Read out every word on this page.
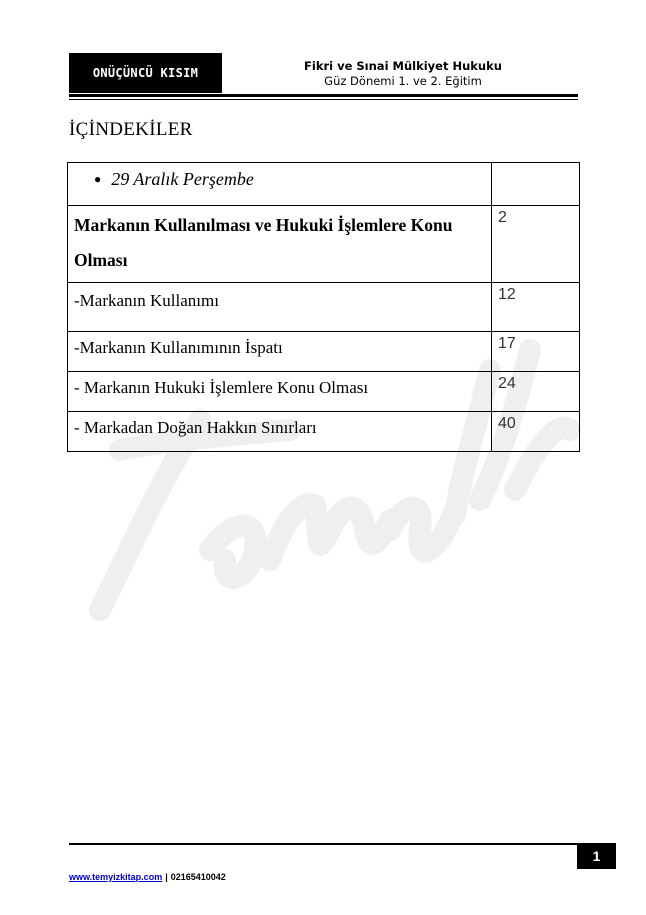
ONÜÇÜNCÜ KISIM	Fikri ve Sınai Mülkiyet Hukuku
Güz Dönemi 1. ve 2. Eğitim
İÇİNDEKİLER
● 29 Aralık Perşembe	
Markanın Kullanılması ve Hukuki İşlemlere Konu Olması	2
-Markanın Kullanımı	12
-Markanın Kullanımının İspatı	17
- Markanın Hukuki İşlemlere Konu Olması	24
- Markadan Doğan Hakkın Sınırları	40
1
www.temyizkitap.com | 02165410042
